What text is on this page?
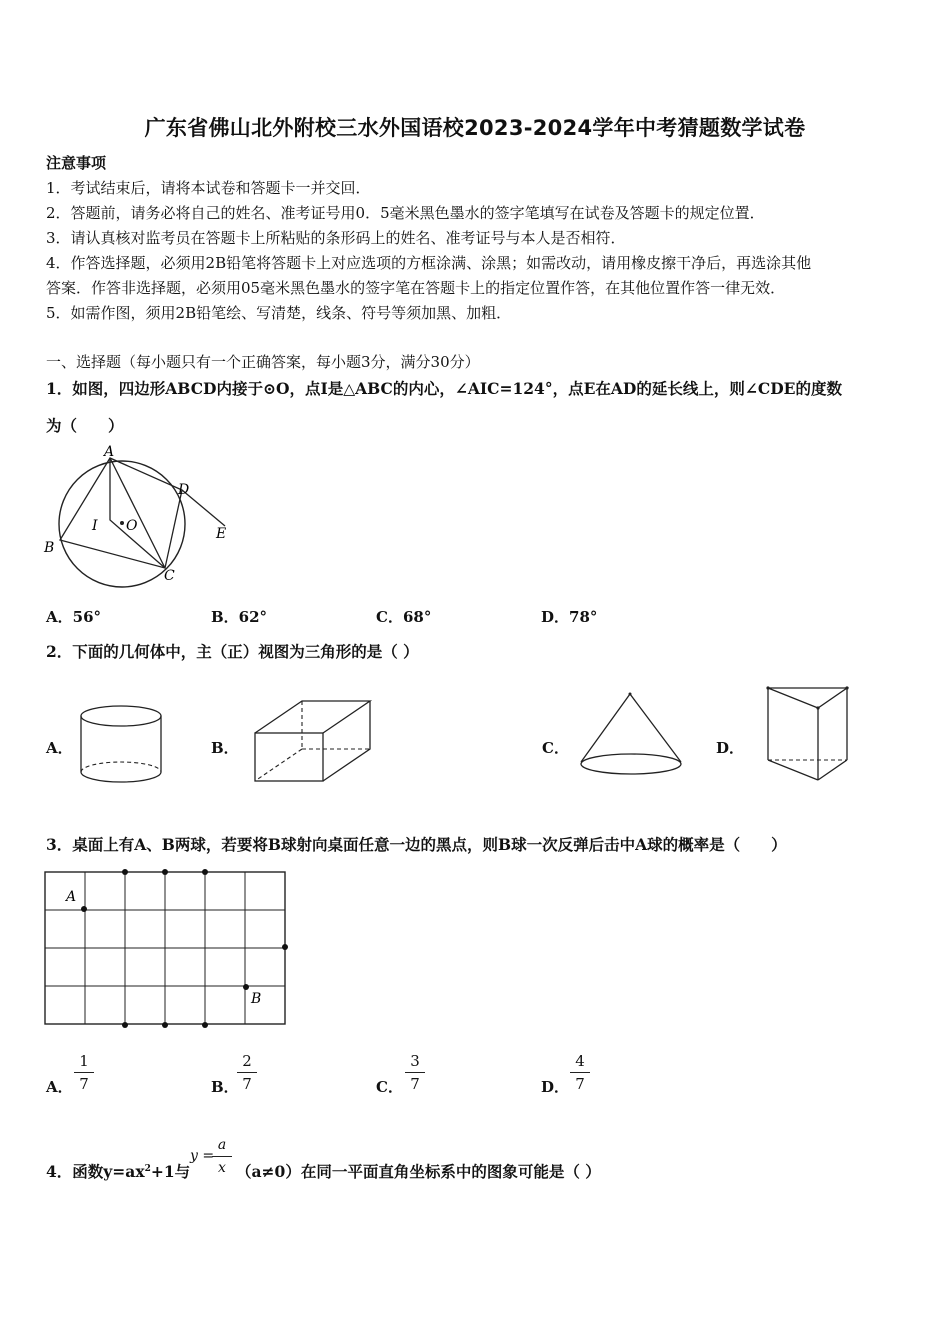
广东省佛山北外附校三水外国语校2023-2024学年中考猜题数学试卷
注意事项
1．考试结束后，请将本试卷和答题卡一并交回．
2．答题前，请务必将自己的姓名、准考证号用0．5毫米黑色墨水的签字笔填写在试卷及答题卡的规定位置．
3．请认真核对监考员在答题卡上所粘贴的条形码上的姓名、准考证号与本人是否相符．
4．作答选择题，必须用2B铅笔将答题卡上对应选项的方框涂满、涂黑；如需改动，请用橡皮擦干净后，再选涂其他
答案．作答非选择题，必须用05毫米黑色墨水的签字笔在答题卡上的指定位置作答，在其他位置作答一律无效．
5．如需作图，须用2B铅笔绘、写清楚，线条、符号等须加黑、加粗．
一、选择题（每小题只有一个正确答案，每小题3分，满分30分）
1．如图，四边形ABCD内接于⊙O，点I是△ABC的内心，∠AIC=124°，点E在AD的延长线上，则∠CDE的度数
为（　　）
A
B
C
D
E
I O
A．56°	B．62°	C．68°	D．78°
2．下面的几何体中，主（正）视图为三角形的是（ ）
A．	B．	C．	D．
3．桌面上有A、B两球，若要将B球射向桌面任意一边的黑点，则B球一次反弹后击中A球的概率是（　　）
A
B
A．
1
7	B．
2
7	C．
3
7	D．
4
7
4．函数$y=ax^2+1$与
y =
a
x （a≠0）在同一平面直角坐标系中的图象可能是（ ）
